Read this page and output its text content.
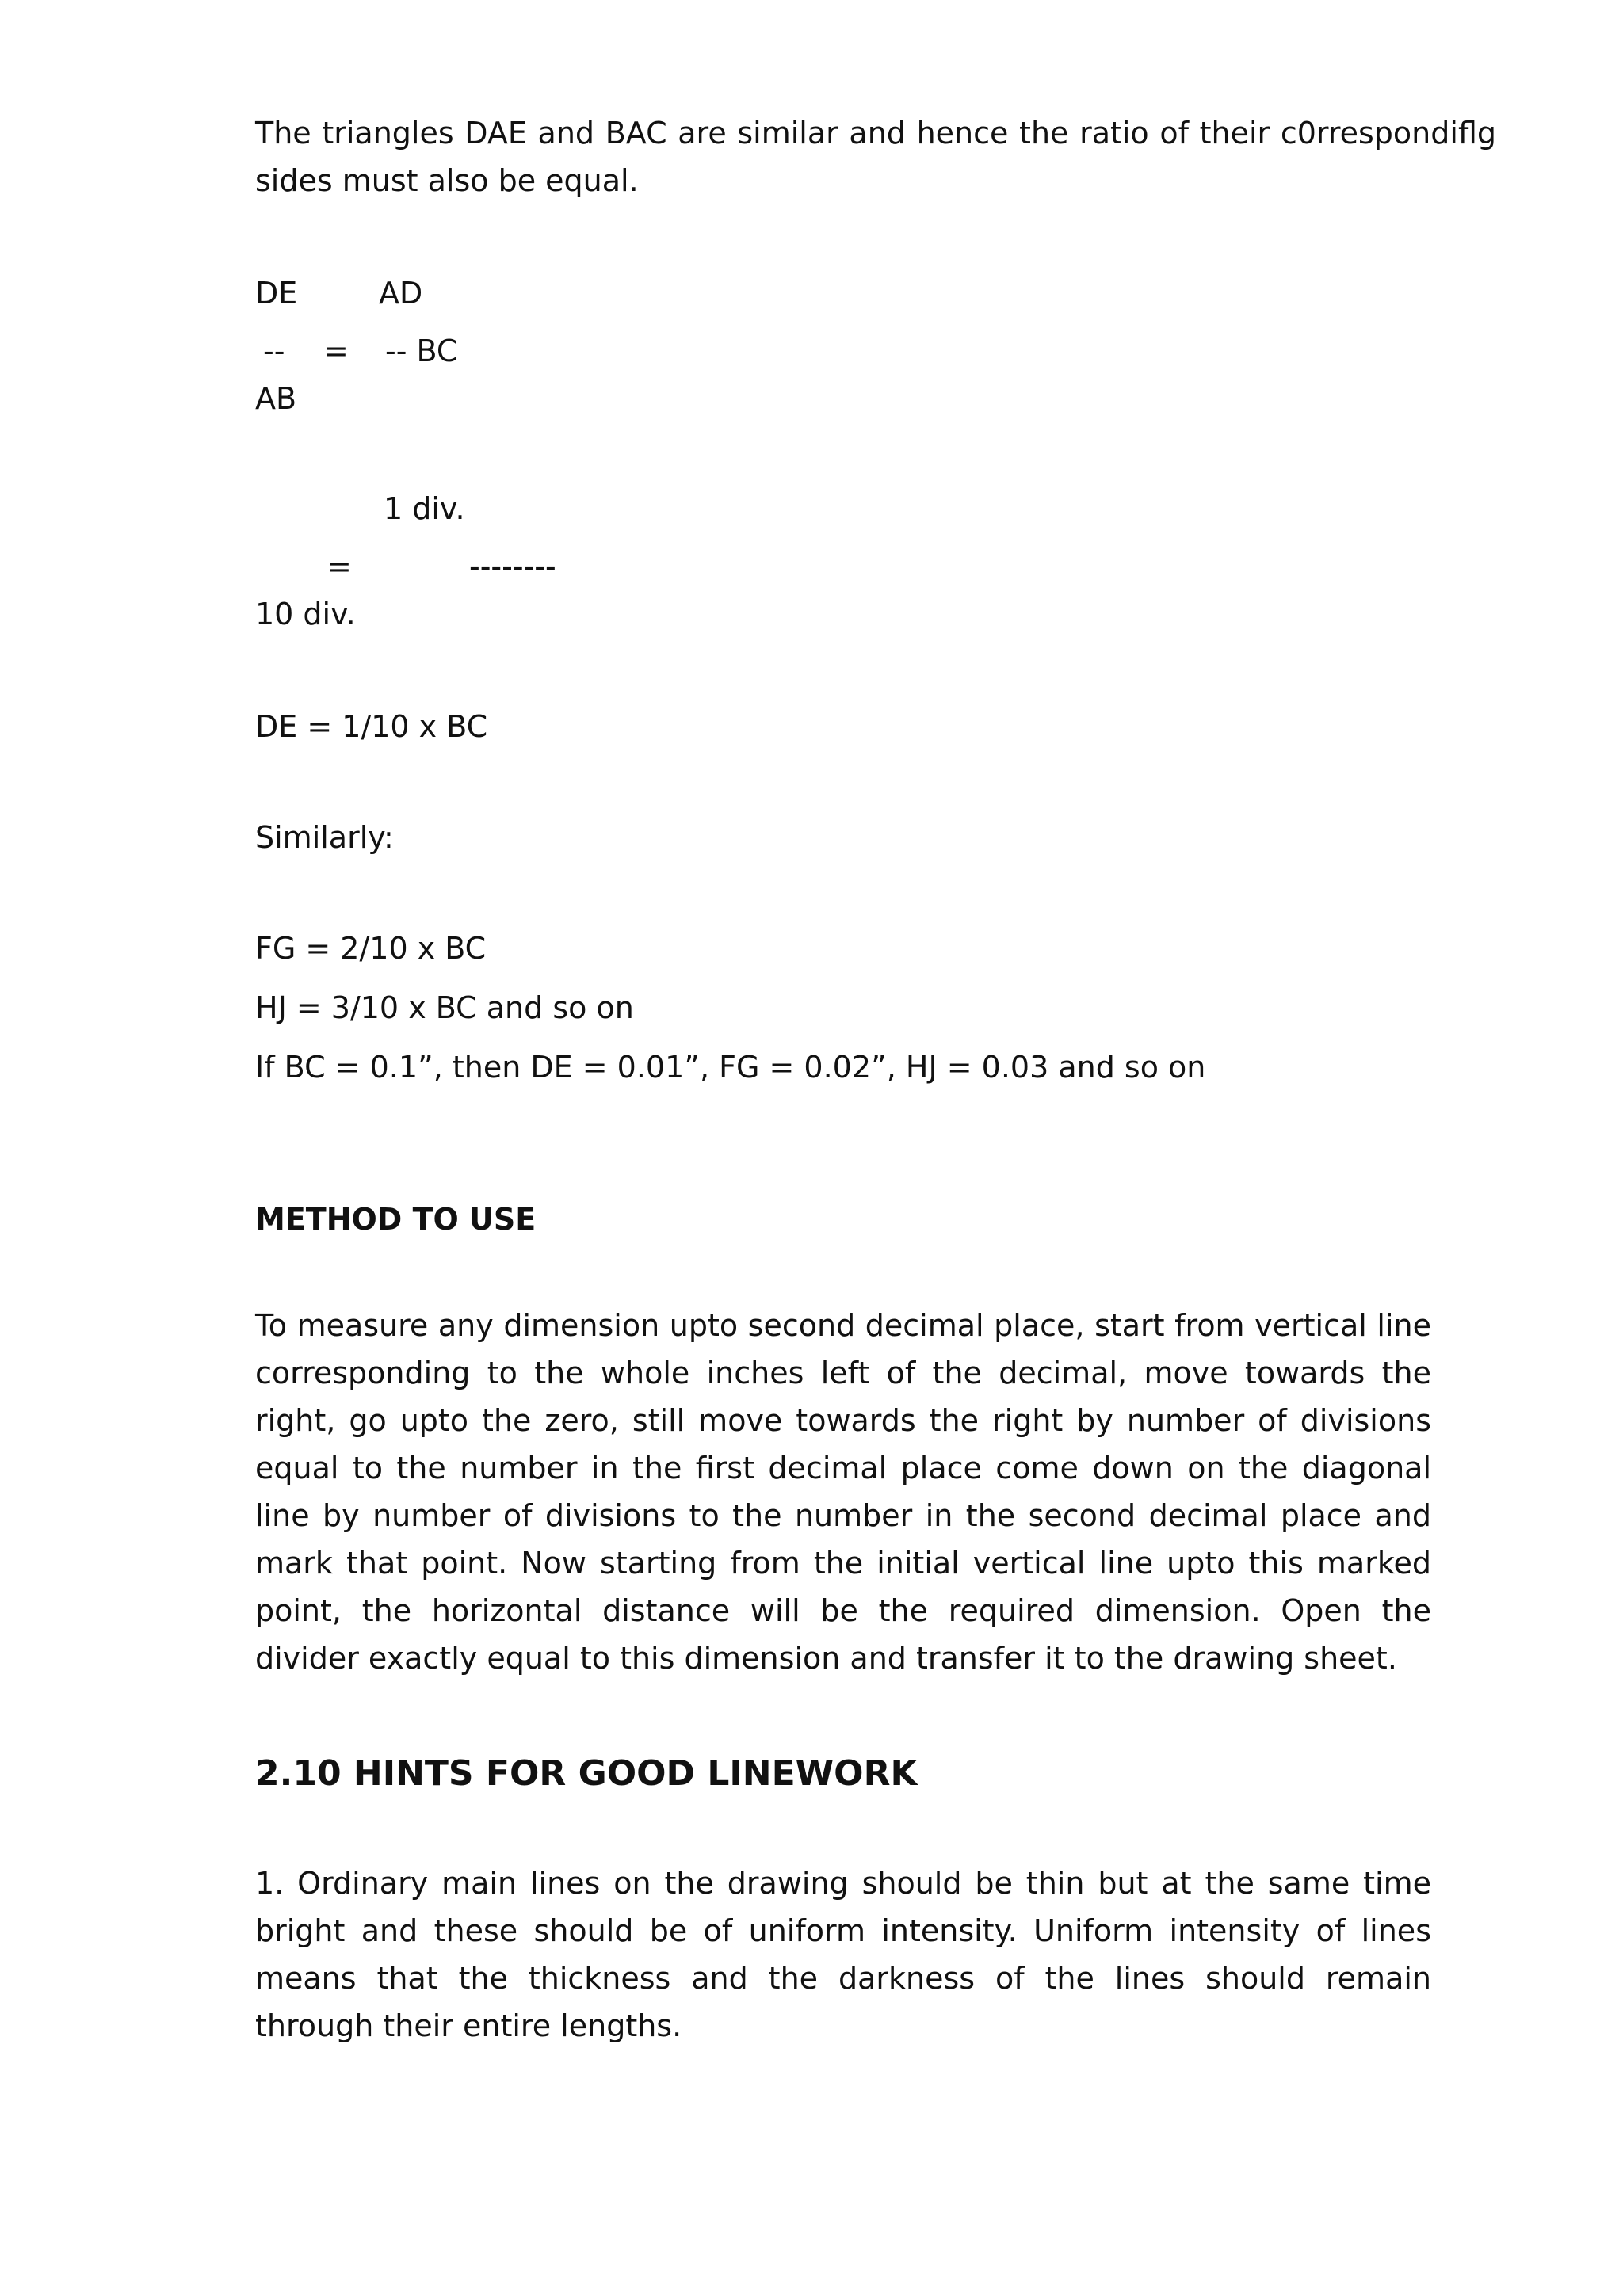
The triangles DAE and BAC are similar and hence the ratio of their c0rrespondiflg sides must also be equal.
DE	AD
-- = -- BC
AB
1 div.
=	--------
10 div.
DE = 1/10 x BC
Similarly:
FG = 2/10 x BC
HJ = 3/10 x BC and so on
If BC = 0.1”, then DE = 0.01”, FG = 0.02”, HJ = 0.03 and so on
METHOD TO USE
To measure any dimension upto second decimal place, start from vertical line corresponding to the whole inches left of the decimal, move towards the right, go upto the zero, still move towards the right by number of divisions equal to the number in the first decimal place come down on the diagonal line by number of divisions to the number in the second decimal place and mark that point. Now starting from the initial vertical line upto this marked point, the horizontal distance will be the required dimension. Open the divider exactly equal to this dimension and transfer it to the drawing sheet.
2.10 HINTS FOR GOOD LINEWORK
1. Ordinary main lines on the drawing should be thin but at the same time bright and these should be of uniform intensity. Uniform intensity of lines means that the thickness and the darkness of the lines should remain through their entire lengths.
